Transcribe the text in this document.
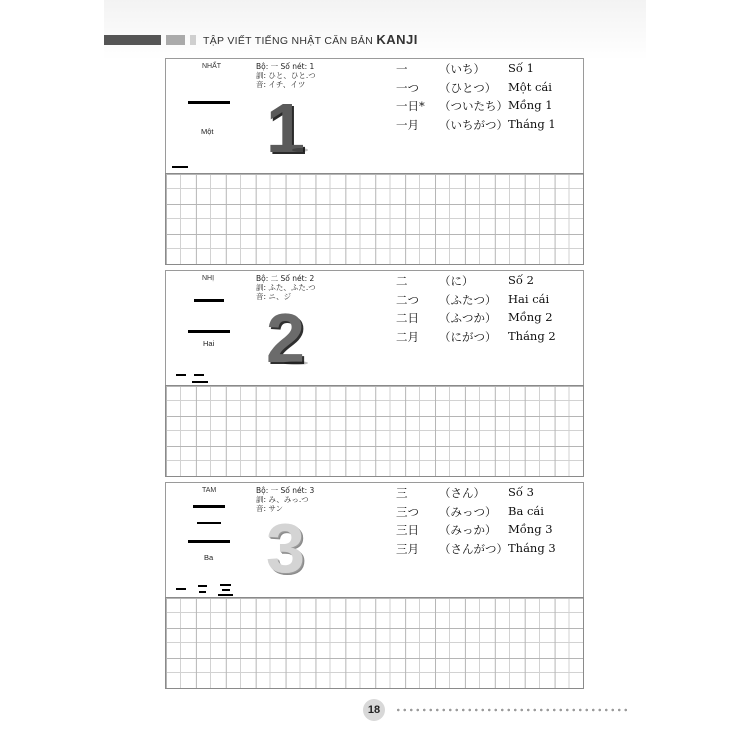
TẬP VIẾT TIẾNG NHẬT CĂN BẢN KANJI
NHẤT
Một
Bộ: 一 Số nét: 1
訓: ひと、ひと.つ
音: イチ、イツ
1
一	（いち） Số 1
一つ （ひとつ） Một cái
一日* （ついたち） Mồng 1
一月 （いちがつ） Tháng 1
NHỊ
Hai
Bộ: 二 Số nét: 2
訓: ふた、ふた.つ
音: ニ、ジ
2
二	（に）	Số 2
二つ （ふたつ） Hai cái
二日 （ふつか） Mồng 2
二月 （にがつ） Tháng 2
TAM
Ba
Bộ: 一 Số nét: 3
訓: み、みっ.つ
音: サン
3
三	（さん） Số 3
三つ （みっつ） Ba cái
三日 （みっか） Mồng 3
三月 （さんがつ） Tháng 3
18
